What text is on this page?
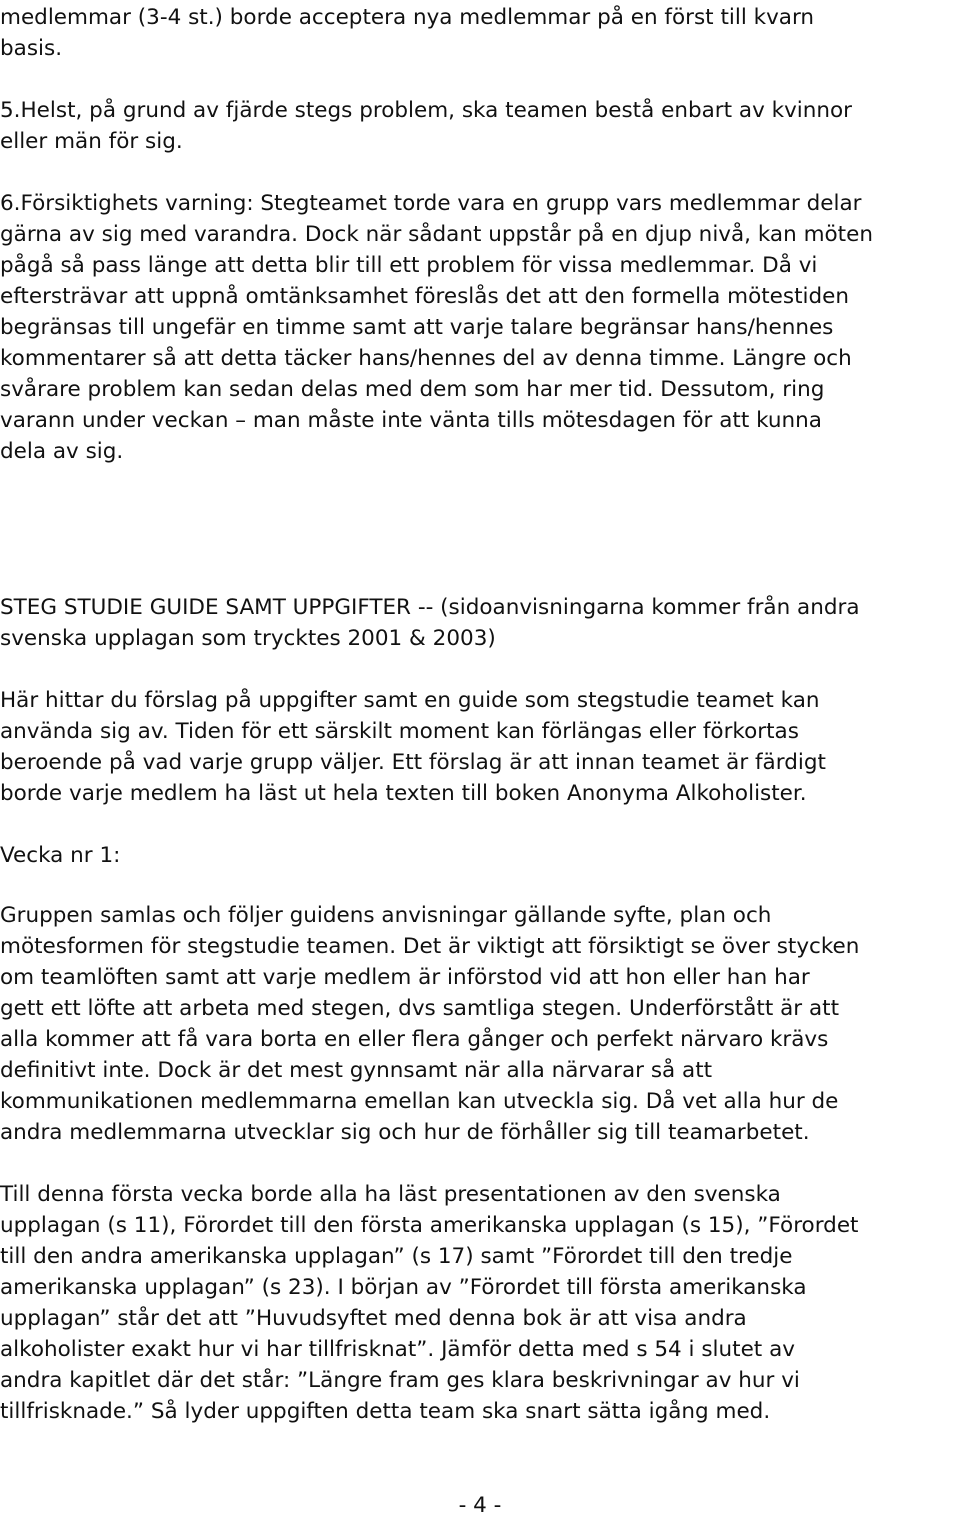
medlemmar (3-4 st.) borde acceptera nya medlemmar på en först till kvarn
basis.
5.Helst, på grund av fjärde stegs problem, ska teamen bestå enbart av kvinnor
eller män för sig.
6.Försiktighets varning: Stegteamet torde vara en grupp vars medlemmar delar
gärna av sig med varandra. Dock när sådant uppstår på en djup nivå, kan möten
pågå så pass länge att detta blir till ett problem för vissa medlemmar. Då vi
eftersträvar att uppnå omtänksamhet föreslås det att den formella mötestiden
begränsas till ungefär en timme samt att varje talare begränsar hans/hennes
kommentarer så att detta täcker hans/hennes del av denna timme. Längre och
svårare problem kan sedan delas med dem som har mer tid. Dessutom, ring
varann under veckan – man måste inte vänta tills mötesdagen för att kunna
dela av sig.
STEG STUDIE GUIDE SAMT UPPGIFTER -- (sidoanvisningarna kommer från andra
svenska upplagan som trycktes 2001 & 2003)
Här hittar du förslag på uppgifter samt en guide som stegstudie teamet kan
använda sig av. Tiden för ett särskilt moment kan förlängas eller förkortas
beroende på vad varje grupp väljer. Ett förslag är att innan teamet är färdigt
borde varje medlem ha läst ut hela texten till boken Anonyma Alkoholister.
Vecka nr 1:
Gruppen samlas och följer guidens anvisningar gällande syfte, plan och
mötesformen för stegstudie teamen. Det är viktigt att försiktigt se över stycken
om teamlöften samt att varje medlem är införstod vid att hon eller han har
gett ett löfte att arbeta med stegen, dvs samtliga stegen. Underförstått är att
alla kommer att få vara borta en eller flera gånger och perfekt närvaro krävs
definitivt inte. Dock är det mest gynnsamt när alla närvarar så att
kommunikationen medlemmarna emellan kan utveckla sig. Då vet alla hur de
andra medlemmarna utvecklar sig och hur de förhåller sig till teamarbetet.
Till denna första vecka borde alla ha läst presentationen av den svenska
upplagan (s 11), Förordet till den första amerikanska upplagan (s 15), ”Förordet
till den andra amerikanska upplagan” (s 17) samt ”Förordet till den tredje
amerikanska upplagan” (s 23). I början av ”Förordet till första amerikanska
upplagan” står det att ”Huvudsyftet med denna bok är att visa andra
alkoholister exakt hur vi har tillfrisknat”. Jämför detta med s 54 i slutet av
andra kapitlet där det står: ”Längre fram ges klara beskrivningar av hur vi
tillfrisknade.” Så lyder uppgiften detta team ska snart sätta igång med.
- 4 -
